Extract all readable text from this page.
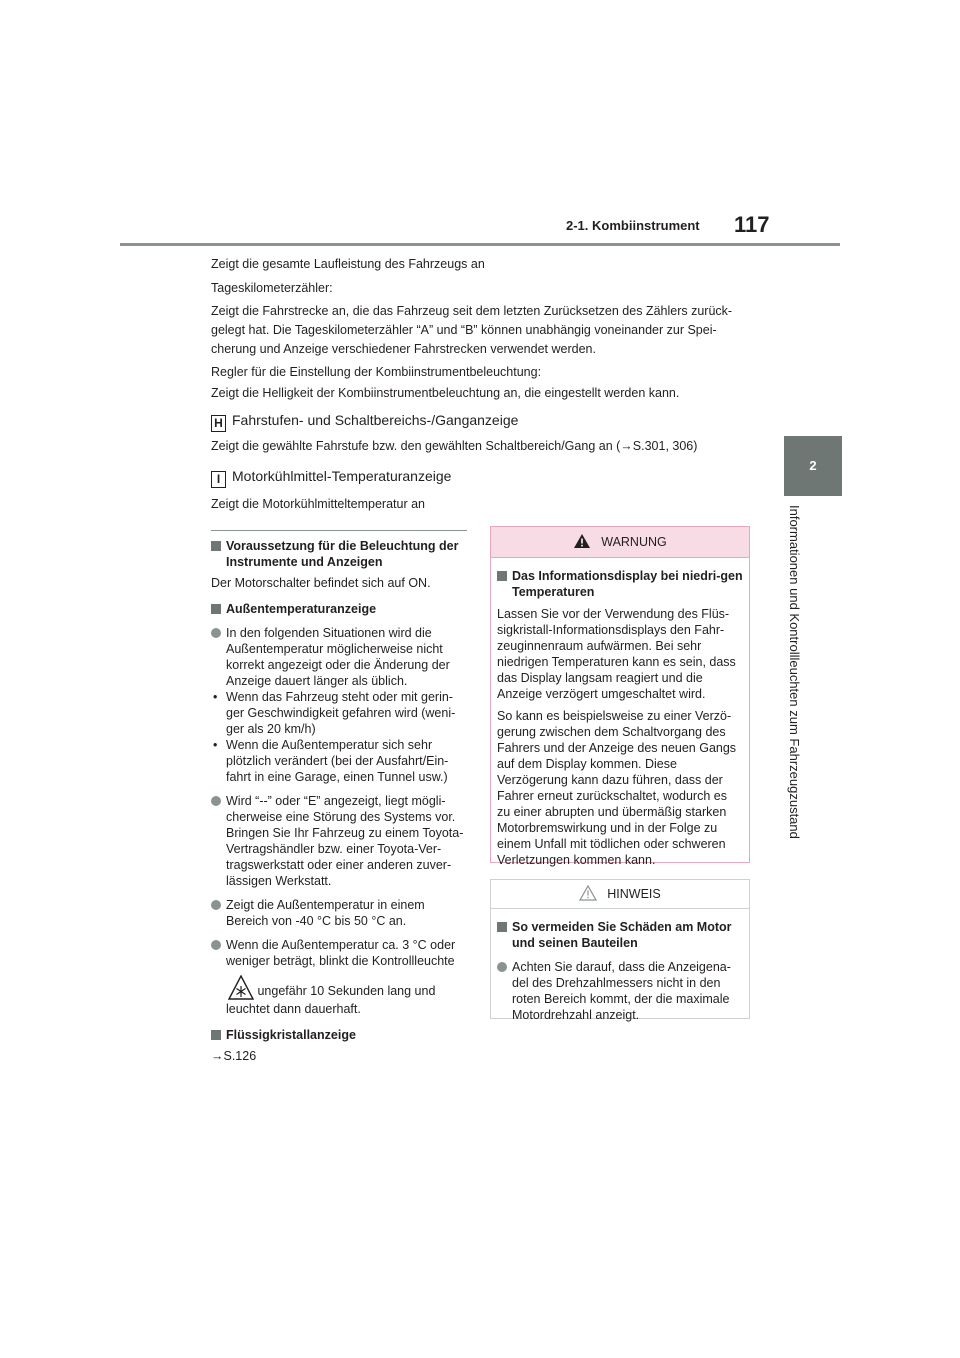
2-1. Kombiinstrument 117
2
Informationen und Kontrollleuchten zum Fahrzeugzustand
Zeigt die gesamte Laufleistung des Fahrzeugs an
Tageskilometerzähler:
Zeigt die Fahrstrecke an, die das Fahrzeug seit dem letzten Zurücksetzen des Zählers zurück-
gelegt hat. Die Tageskilometerzähler “A” und “B” können unabhängig voneinander zur Spei-
cherung und Anzeige verschiedener Fahrstrecken verwendet werden.
Regler für die Einstellung der Kombiinstrumentbeleuchtung:
Zeigt die Helligkeit der Kombiinstrumentbeleuchtung an, die eingestellt werden kann.
H Fahrstufen- und Schaltbereichs-/Ganganzeige
Zeigt die gewählte Fahrstufe bzw. den gewählten Schaltbereich/Gang an (→S.301, 306)
I Motorkühlmittel-Temperaturanzeige
Zeigt die Motorkühlmitteltemperatur an
Voraussetzung für die Beleuchtung der Instrumente und Anzeigen
Der Motorschalter befindet sich auf ON.
Außentemperaturanzeige
In den folgenden Situationen wird die Außentemperatur möglicherweise nicht korrekt angezeigt oder die Änderung der Anzeige dauert länger als üblich.
• Wenn das Fahrzeug steht oder mit gerin-ger Geschwindigkeit gefahren wird (weni-ger als 20 km/h)
• Wenn die Außentemperatur sich sehr plötzlich verändert (bei der Ausfahrt/Ein-fahrt in eine Garage, einen Tunnel usw.)
Wird “--” oder “E” angezeigt, liegt mögli-cherweise eine Störung des Systems vor. Bringen Sie Ihr Fahrzeug zu einem Toyota-Vertragshändler bzw. einer Toyota-Ver-tragswerkstatt oder einer anderen zuver-lässigen Werkstatt.
Zeigt die Außentemperatur in einem Bereich von -40 °C bis 50 °C an.
Wenn die Außentemperatur ca. 3 °C oder weniger beträgt, blinkt die Kontrollleuchte
ungefähr 10 Sekunden lang und leuchtet dann dauerhaft.
Flüssigkristallanzeige
→S.126
WARNUNG
Das Informationsdisplay bei niedri-gen Temperaturen
Lassen Sie vor der Verwendung des Flüs-sigkristall-Informationsdisplays den Fahr-zeuginnenraum aufwärmen. Bei sehr niedrigen Temperaturen kann es sein, dass das Display langsam reagiert und die Anzeige verzögert umgeschaltet wird.
So kann es beispielsweise zu einer Verzö-gerung zwischen dem Schaltvorgang des Fahrers und der Anzeige des neuen Gangs auf dem Display kommen. Diese Verzögerung kann dazu führen, dass der Fahrer erneut zurückschaltet, wodurch es zu einer abrupten und übermäßig starken Motorbremswirkung und in der Folge zu einem Unfall mit tödlichen oder schweren Verletzungen kommen kann.
HINWEIS
So vermeiden Sie Schäden am Motor und seinen Bauteilen
Achten Sie darauf, dass die Anzeigena-del des Drehzahlmessers nicht in den roten Bereich kommt, der die maximale Motordrehzahl anzeigt.
